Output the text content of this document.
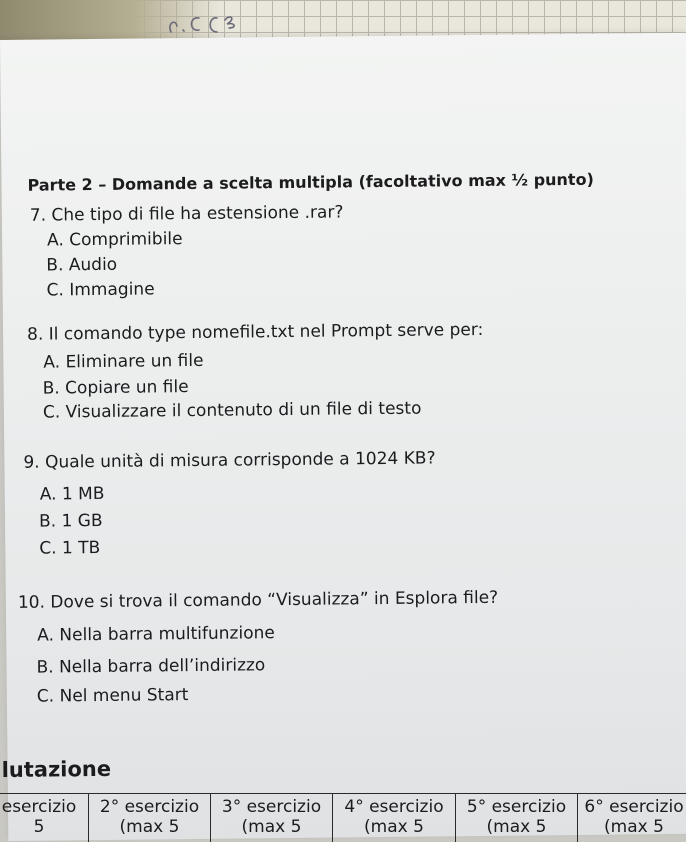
Parte 2 – Domande a scelta multipla (facoltativo max ½ punto)
7. Che tipo di file ha estensione .rar?
A. Comprimibile
B. Audio
C. Immagine
8. Il comando type nomefile.txt nel Prompt serve per:
A. Eliminare un file
B. Copiare un file
C. Visualizzare il contenuto di un file di testo
9. Quale unità di misura corrisponde a 1024 KB?
A. 1 MB
B. 1 GB
C. 1 TB
10. Dove si trova il comando “Visualizza” in Esplora file?
A. Nella barra multifunzione
B. Nella barra dell’indirizzo
C. Nel menu Start
lutazione
esercizio
5
2° esercizio
(max 5
3° esercizio
(max 5
4° esercizio
(max 5
5° esercizio
(max 5
6° esercizio
(max 5
